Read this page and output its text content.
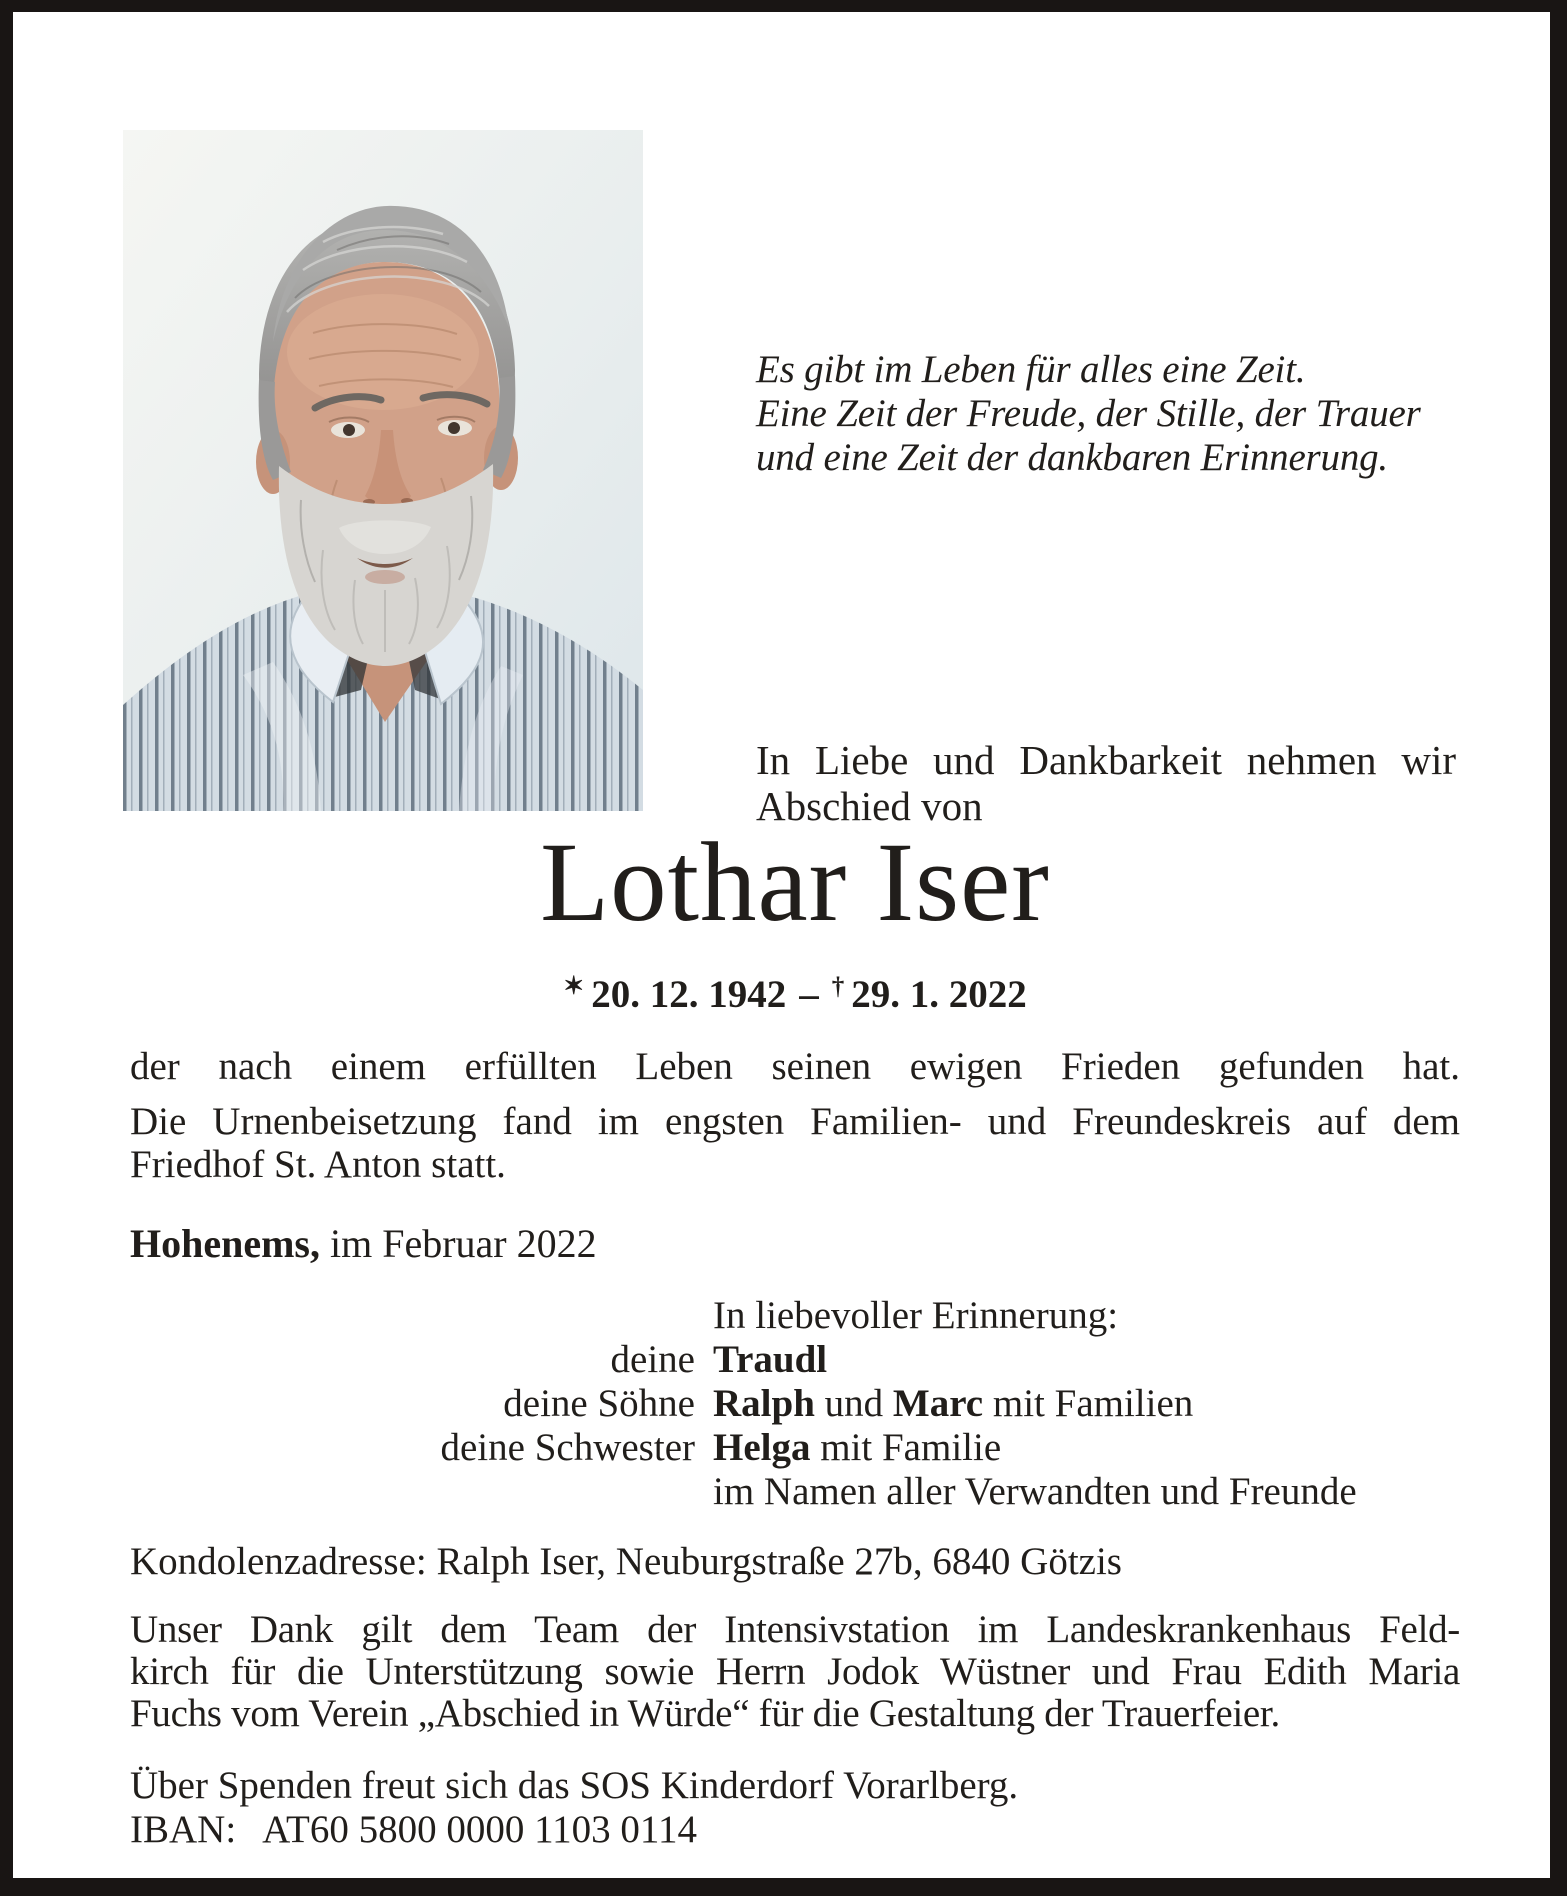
Es gibt im Leben für alles eine Zeit.
Eine Zeit der Freude, der Stille, der Trauer
und eine Zeit der dankbaren Erinnerung.
In Liebe und Dankbarkeit nehmen wir
Abschied von
Lothar Iser
✶ 20. 12. 1942 – † 29. 1. 2022
der nach einem erfüllten Leben seinen ewigen Frieden gefunden hat.
Die Urnenbeisetzung fand im engsten Familien- und Freundeskreis auf dem
Friedhof St. Anton statt.
Hohenems, im Februar 2022
In liebevoller Erinnerung:
deine Traudl
deine Söhne Ralph und Marc mit Familien
deine Schwester Helga mit Familie
im Namen aller Verwandten und Freunde
Kondolenzadresse: Ralph Iser, Neuburgstraße 27b, 6840 Götzis
Unser Dank gilt dem Team der Intensivstation im Landeskrankenhaus Feld-
kirch für die Unterstützung sowie Herrn Jodok Wüstner und Frau Edith Maria
Fuchs vom Verein „Abschied in Würde“ für die Gestaltung der Trauerfeier.
Über Spenden freut sich das SOS Kinderdorf Vorarlberg.
IBAN: AT60 5800 0000 1103 0114
